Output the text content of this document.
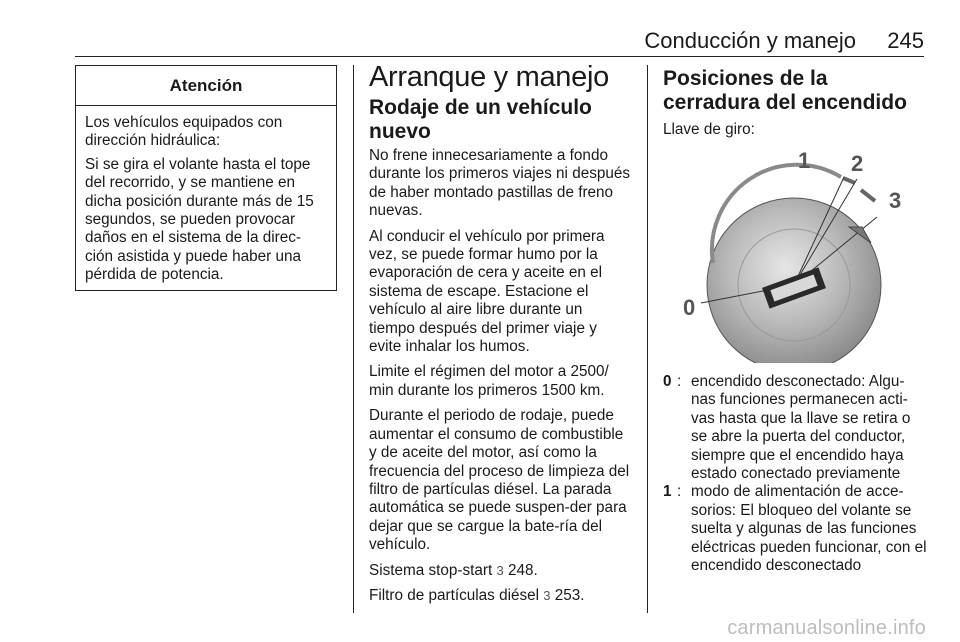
Conducción y manejo 245
Atención

Los vehículos equipados con dirección hidráulica:

Si se gira el volante hasta el tope del recorrido, y se mantiene en dicha posición durante más de 15 segundos, se pueden provocar daños en el sistema de la direc-ción asistida y puede haber una pérdida de potencia.

Arranque y manejo
Rodaje de un vehículo nuevo

No frene innecesariamente a fondo durante los primeros viajes ni después de haber montado pastillas de freno nuevas.

Al conducir el vehículo por primera vez, se puede formar humo por la evaporación de cera y aceite en el sistema de escape. Estacione el vehículo al aire libre durante un tiempo después del primer viaje y evite inhalar los humos.

Limite el régimen del motor a 2500/ min durante los primeros 1500 km.

Durante el periodo de rodaje, puede aumentar el consumo de combustible y de aceite del motor, así como la frecuencia del proceso de limpieza del filtro de partículas diésel. La parada automática se puede suspen-der para dejar que se cargue la bate-ría del vehículo.

Sistema stop-start 3 248.

Filtro de partículas diésel 3 253.

Posiciones de la cerradura del encendido
Llave de giro:
0
1 2
3
0 : encendido desconectado: Algu-nas funciones permanecen acti-vas hasta que la llave se retira o se abre la puerta del conductor, siempre que el encendido haya estado conectado previamente
1 : modo de alimentación de acce-sorios: El bloqueo del volante se suelta y algunas de las funciones eléctricas pueden funcionar, con el encendido desconectado
carmanualsonline.info
